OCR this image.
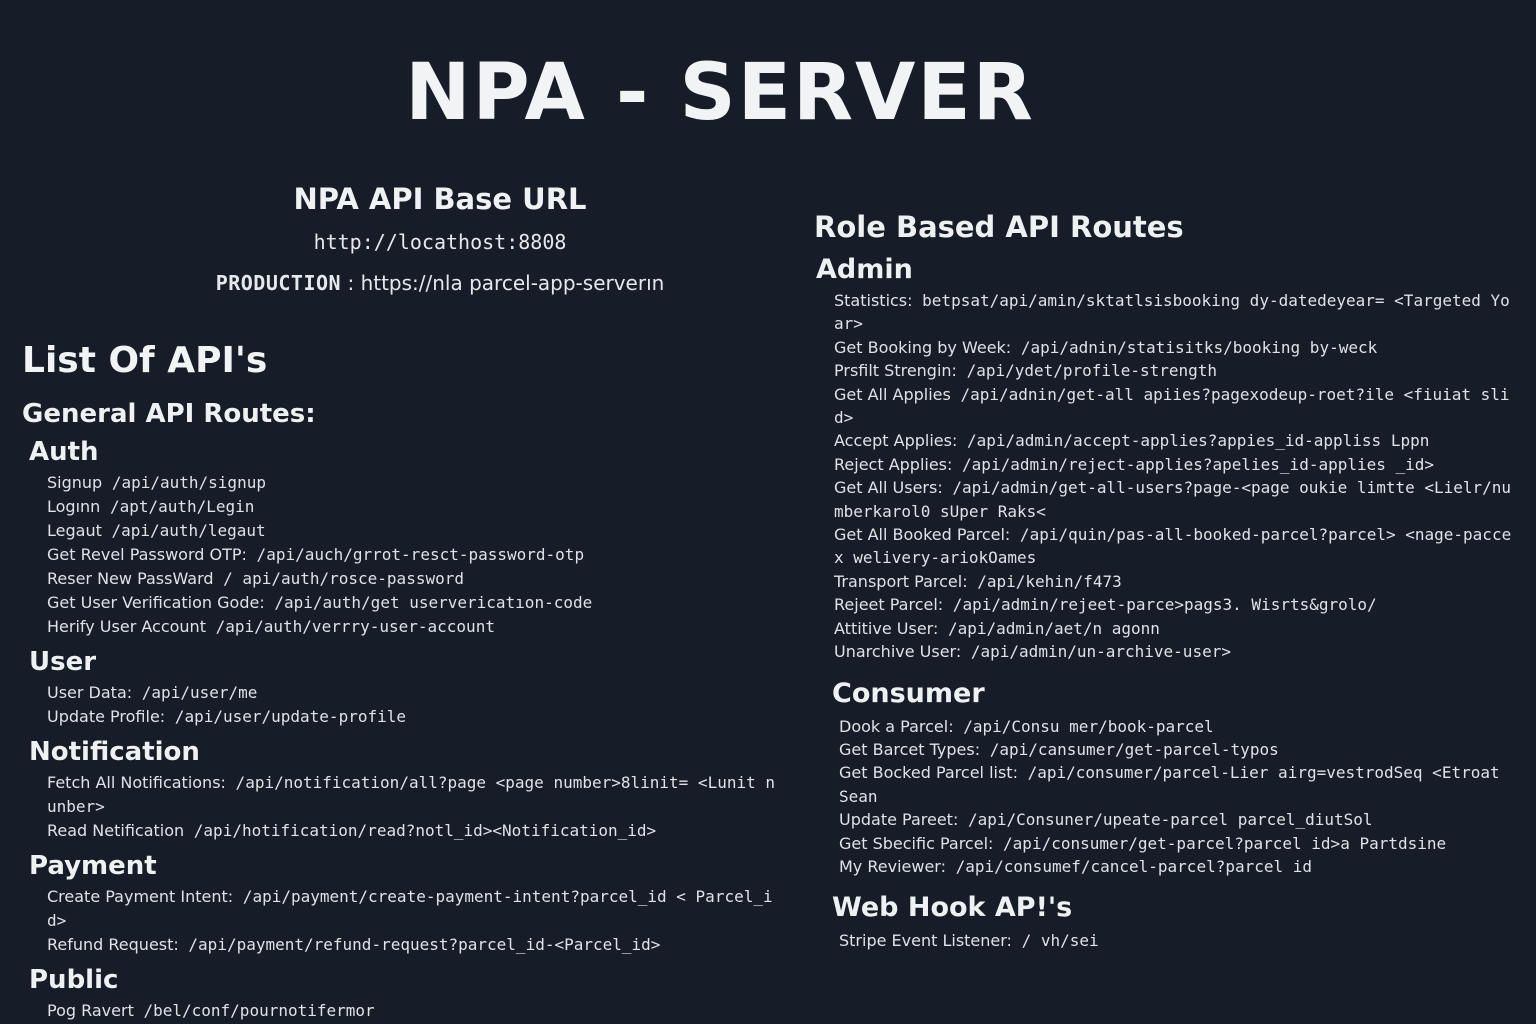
NPA - SERVER
NPA API Base URL
http://locathost:8808
PRODUCTION : https://nla parcel-app-serverın
List Of API's
General API Routes:
Auth
Signup /api/auth/signup
Logınn /apt/auth/Legin
Legaut /api/auth/legaut
Get Revel Password OTP: /api/auch/grrot-resct-password-otp
Reser New PassWard / api/auth/rosce-password
Get User Verification Gode: /api/auth/get uservericatıon-code
Herify User Account /api/auth/verrry-user-account
User
User Data: /api/user/me
Update Profile: /api/user/update-profile
Notification
Fetch All Notifications: /api/notification/all?page <page number>8linit= <Lunit nunber>
Read Netification /api/hotification/read?notl_id><Notification_id>
Payment
Create Payment Intent: /api/payment/create-payment-intent?parcel_id < Parcel_id>
Refund Request: /api/payment/refund-request?parcel_id-<Parcel_id>
Public
Pog Ravert /bel/conf/pournotifermor
Role Based API Routes
Admin
Statistics: betpsat/api/amin/sktatlsisbooking dy-datedeyear= <Targeted Yoar>
Get Booking by Week: /api/adnin/statisitks/booking by-weck
Prsfilt Strengin: /api/ydet/profile-strength
Get All Applies /api/adnin/get-all apiies?pagexodeup-roet?ile <fiuiat slid>
Accept Applies: /api/admin/accept-applies?appies_id-appliss Lppn
Reject Applies: /api/admin/reject-applies?apelies_id-applies _id>
Get All Users: /api/admin/get-all-users?page-<page oukie limtte <Lielr/numberkarol0 sUper Raks<
Get All Booked Parcel: /api/quin/pas-all-booked-parcel?parcel> <nage-paccex welivery-ariokOames
Transport Parcel: /api/kehin/f473
Rejeet Parcel: /api/admin/rejeet-parce>pags3. Wisrts&grolo/
Attitive User: /api/admin/aet/n agonn
Unarchive User: /api/admin/un-archive-user>
Consumer
Dook a Parcel: /api/Consu mer/book-parcel
Get Barcet Types: /api/cansumer/get-parcel-typos
Get Bocked Parcel list: /api/consumer/parcel-Lier airg=vestrodSeq <Etroat Sean
Update Pareet: /api/Consuner/upeate-parcel parcel_diutSol
Get Sbecific Parcel: /api/consumer/get-parcel?parcel id>a Partdsine
My Reviewer: /api/consumef/cancel-parcel?parcel id
Web Hook AP!'s
Stripe Event Listener: / vh/sei
